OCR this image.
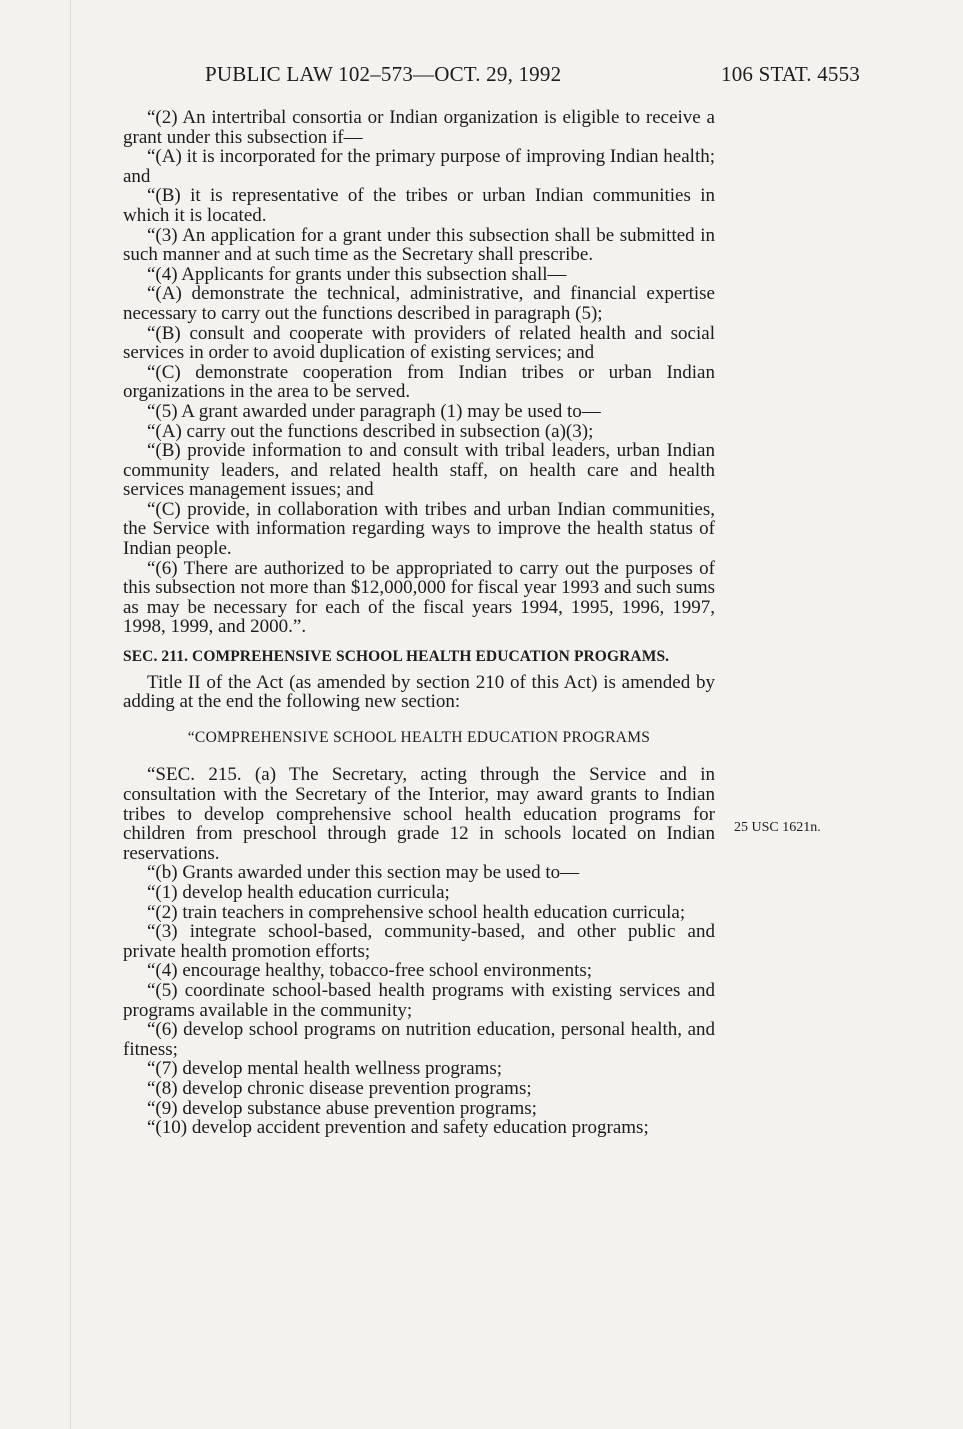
PUBLIC LAW 102–573—OCT. 29, 1992	106 STAT. 4553

“(2) An intertribal consortia or Indian organization is eligible to receive a grant under this subsection if—

“(A) it is incorporated for the primary purpose of improving Indian health; and

“(B) it is representative of the tribes or urban Indian communities in which it is located.

“(3) An application for a grant under this subsection shall be submitted in such manner and at such time as the Secretary shall prescribe.

“(4) Applicants for grants under this subsection shall—

“(A) demonstrate the technical, administrative, and financial expertise necessary to carry out the functions described in paragraph (5);

“(B) consult and cooperate with providers of related health and social services in order to avoid duplication of existing services; and

“(C) demonstrate cooperation from Indian tribes or urban Indian organizations in the area to be served.

“(5) A grant awarded under paragraph (1) may be used to—

“(A) carry out the functions described in subsection (a)(3);

“(B) provide information to and consult with tribal leaders, urban Indian community leaders, and related health staff, on health care and health services management issues; and

“(C) provide, in collaboration with tribes and urban Indian communities, the Service with information regarding ways to improve the health status of Indian people.

“(6) There are authorized to be appropriated to carry out the purposes of this subsection not more than $12,000,000 for fiscal year 1993 and such sums as may be necessary for each of the fiscal years 1994, 1995, 1996, 1997, 1998, 1999, and 2000.”.

SEC. 211. COMPREHENSIVE SCHOOL HEALTH EDUCATION PROGRAMS.

Title II of the Act (as amended by section 210 of this Act) is amended by adding at the end the following new section:

“COMPREHENSIVE SCHOOL HEALTH EDUCATION PROGRAMS

“SEC. 215. (a) The Secretary, acting through the Service and in consultation with the Secretary of the Interior, may award grants to Indian tribes to develop comprehensive school health education programs for children from preschool through grade 12 in schools located on Indian reservations.

“(b) Grants awarded under this section may be used to—

“(1) develop health education curricula;

“(2) train teachers in comprehensive school health education curricula;

“(3) integrate school-based, community-based, and other public and private health promotion efforts;

“(4) encourage healthy, tobacco-free school environments;

“(5) coordinate school-based health programs with existing services and programs available in the community;

“(6) develop school programs on nutrition education, personal health, and fitness;

“(7) develop mental health wellness programs;

“(8) develop chronic disease prevention programs;

“(9) develop substance abuse prevention programs;

“(10) develop accident prevention and safety education programs;

25 USC 1621n.
